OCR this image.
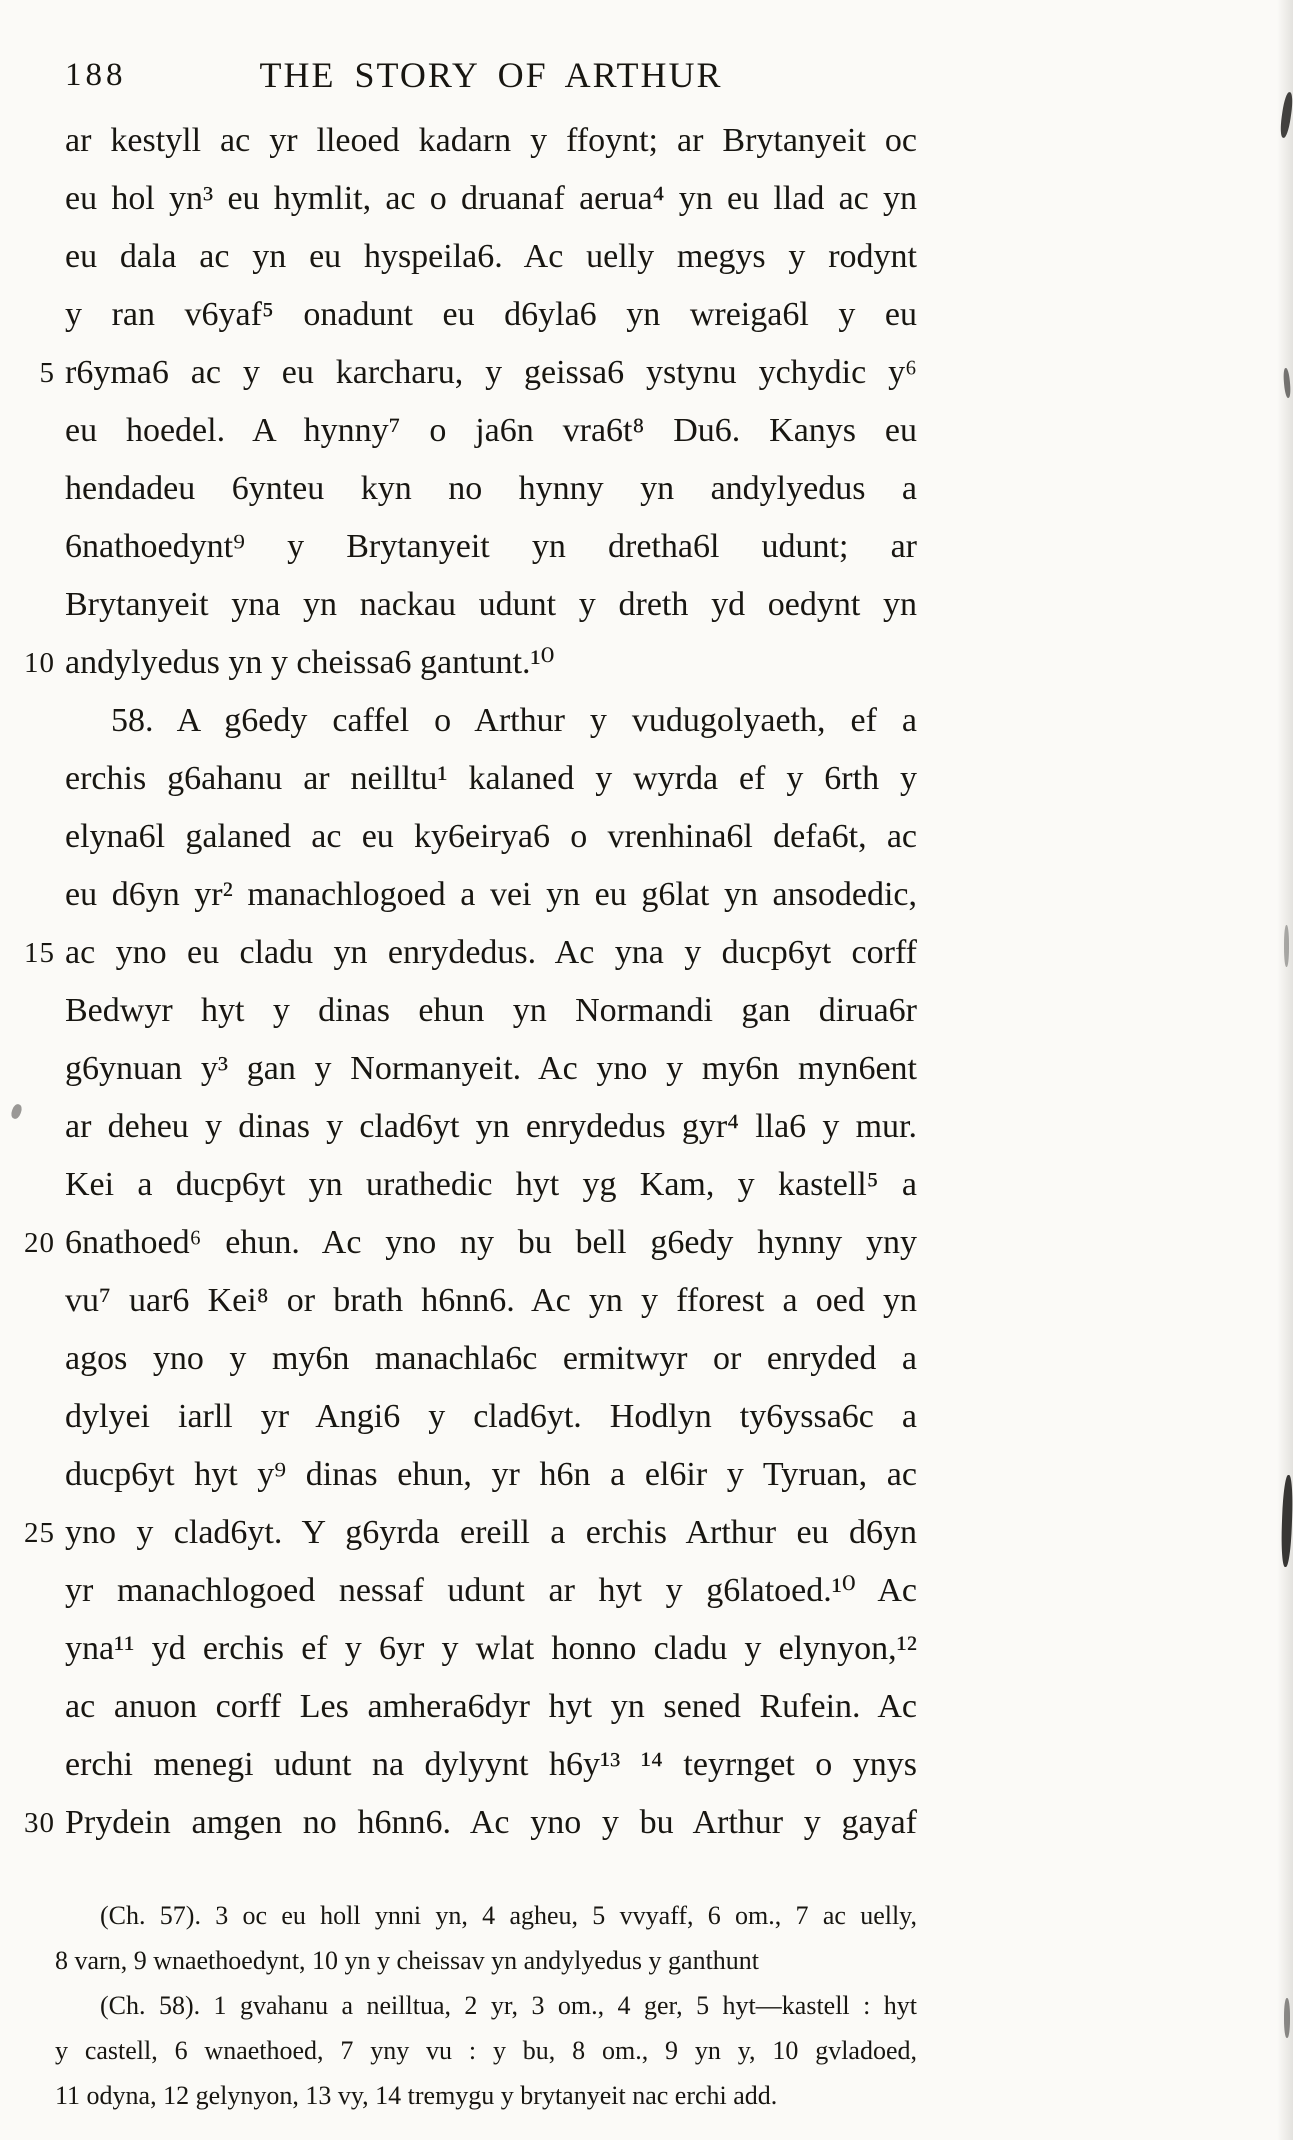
188	THE STORY OF ARTHUR
ar kestyll ac yr lleoed kadarn y ffoynt; ar Brytanyeit oc
eu hol yn³ eu hymlit, ac o druanaf aerua⁴ yn eu llad ac yn
eu dala ac yn eu hyspeila6. Ac uelly megys y rodynt
y ran v6yaf⁵ onadunt eu d6yla6 yn wreiga6l y eu
5 r6yma6 ac y eu karcharu, y geissa6 ystynu ychydic y⁶
eu hoedel. A hynny⁷ o ja6n vra6t⁸ Du6. Kanys eu
hendadeu 6ynteu kyn no hynny yn andylyedus a
6nathoedynt⁹ y Brytanyeit yn dretha6l udunt; ar
Brytanyeit yna yn nackau udunt y dreth yd oedynt yn
10 andylyedus yn y cheissa6 gantunt.¹⁰
58. A g6edy caffel o Arthur y vudugolyaeth, ef a
erchis g6ahanu ar neilltu¹ kalaned y wyrda ef y 6rth y
elyna6l galaned ac eu ky6eirya6 o vrenhina6l defa6t, ac
eu d6yn yr² manachlogoed a vei yn eu g6lat yn ansodedic,
15 ac yno eu cladu yn enrydedus. Ac yna y ducp6yt corff
Bedwyr hyt y dinas ehun yn Normandi gan dirua6r
g6ynuan y³ gan y Normanyeit. Ac yno y my6n myn6ent
ar deheu y dinas y clad6yt yn enrydedus gyr⁴ lla6 y mur.
Kei a ducp6yt yn urathedic hyt yg Kam, y kastell⁵ a
20 6nathoed⁶ ehun. Ac yno ny bu bell g6edy hynny yny
vu⁷ uar6 Kei⁸ or brath h6nn6. Ac yn y fforest a oed yn
agos yno y my6n manachla6c ermitwyr or enryded a
dylyei iarll yr Angi6 y clad6yt. Hodlyn ty6yssa6c a
ducp6yt hyt y⁹ dinas ehun, yr h6n a el6ir y Tyruan, ac
25 yno y clad6yt. Y g6yrda ereill a erchis Arthur eu d6yn
yr manachlogoed nessaf udunt ar hyt y g6latoed.¹⁰ Ac
yna¹¹ yd erchis ef y 6yr y wlat honno cladu y elynyon,¹²
ac anuon corff Les amhera6dyr hyt yn sened Rufein. Ac
erchi menegi udunt na dylyynt h6y¹³ ¹⁴ teyrnget o ynys
30 Prydein amgen no h6nn6. Ac yno y bu Arthur y gayaf
(Ch. 57). 3 oc eu holl ynni yn, 4 agheu, 5 vvyaff, 6 om., 7 ac uelly,
8 varn, 9 wnaethoedynt, 10 yn y cheissav yn andylyedus y ganthunt
(Ch. 58). 1 gvahanu a neilltua, 2 yr, 3 om., 4 ger, 5 hyt—kastell : hyt
y castell, 6 wnaethoed, 7 yny vu : y bu, 8 om., 9 yn y, 10 gvladoed,
11 odyna, 12 gelynyon, 13 vy, 14 tremygu y brytanyeit nac erchi add.
